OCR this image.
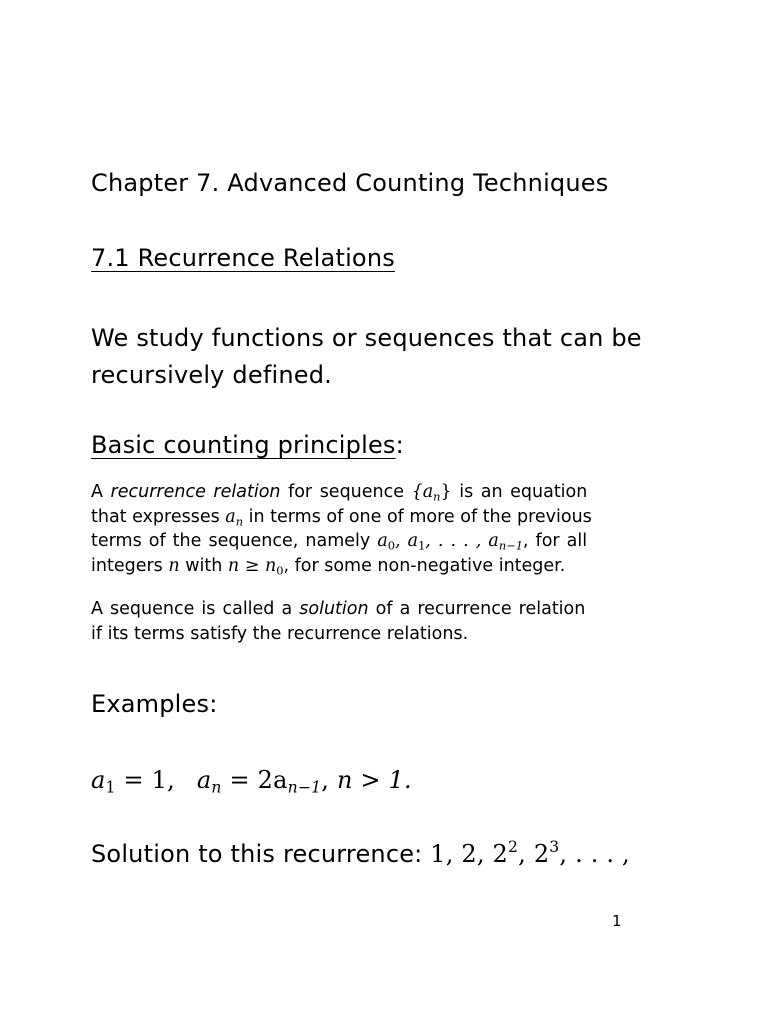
Chapter 7. Advanced Counting Techniques
7.1 Recurrence Relations
We study functions or sequences that can be
recursively defined.
Basic counting principles:
A recurrence relation for sequence $\{a_n\}$ is an equation
that expresses $a_n$ in terms of one of more of the previous
terms of the sequence, namely $a_0$, $a_1$, . . . , $a_{n-1}$, for all
integers n with $n \ge n_0$, for some non-negative integer.
A sequence is called a solution of a recurrence relation
if its terms satisfy the recurrence relations.
Examples:
$a_1 = 1$, $a_n = 2a_{n-1}$, n > 1.
Solution to this recurrence: 1, 2, $2^2$, $2^3$, . . . ,
1
